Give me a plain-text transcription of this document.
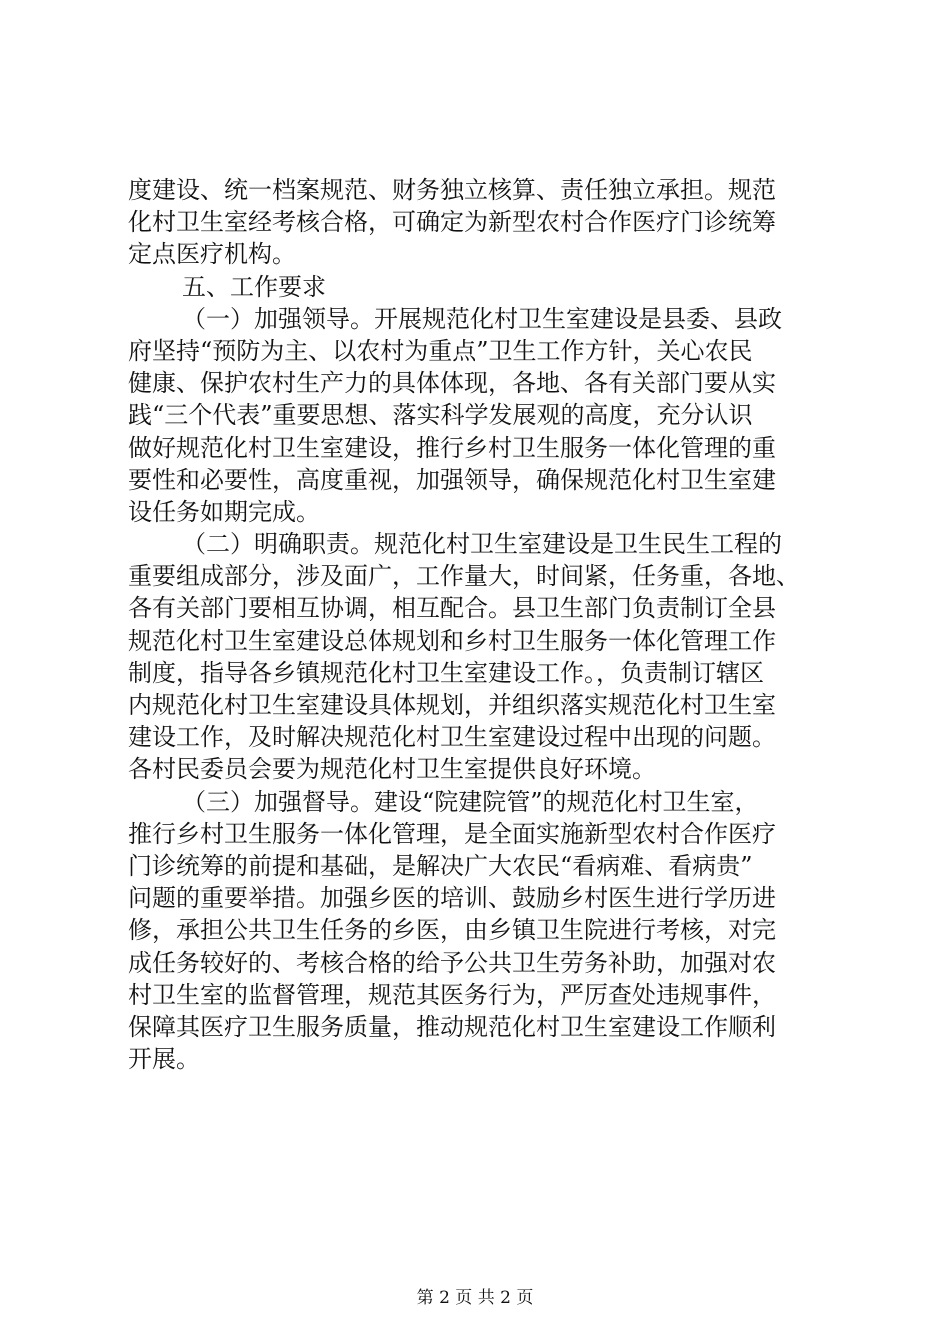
度建设、统一档案规范、财务独立核算、责任独立承担。规范
化村卫生室经考核合格，可确定为新型农村合作医疗门诊统筹
定点医疗机构。
五、工作要求
（一）加强领导。开展规范化村卫生室建设是县委、县政
府坚持“预防为主、以农村为重点”卫生工作方针，关心农民
健康、保护农村生产力的具体体现，各地、各有关部门要从实
践“三个代表”重要思想、落实科学发展观的高度，充分认识
做好规范化村卫生室建设，推行乡村卫生服务一体化管理的重
要性和必要性，高度重视，加强领导，确保规范化村卫生室建
设任务如期完成。
（二）明确职责。规范化村卫生室建设是卫生民生工程的
重要组成部分，涉及面广，工作量大，时间紧，任务重，各地、
各有关部门要相互协调，相互配合。县卫生部门负责制订全县
规范化村卫生室建设总体规划和乡村卫生服务一体化管理工作
制度，指导各乡镇规范化村卫生室建设工作。，负责制订辖区
内规范化村卫生室建设具体规划，并组织落实规范化村卫生室
建设工作，及时解决规范化村卫生室建设过程中出现的问题。
各村民委员会要为规范化村卫生室提供良好环境。
（三）加强督导。建设“院建院管”的规范化村卫生室，
推行乡村卫生服务一体化管理，是全面实施新型农村合作医疗
门诊统筹的前提和基础，是解决广大农民“看病难、看病贵”
问题的重要举措。加强乡医的培训、鼓励乡村医生进行学历进
修，承担公共卫生任务的乡医，由乡镇卫生院进行考核，对完
成任务较好的、考核合格的给予公共卫生劳务补助，加强对农
村卫生室的监督管理，规范其医务行为，严厉查处违规事件，
保障其医疗卫生服务质量，推动规范化村卫生室建设工作顺利
开展。
第 2 页 共 2 页
